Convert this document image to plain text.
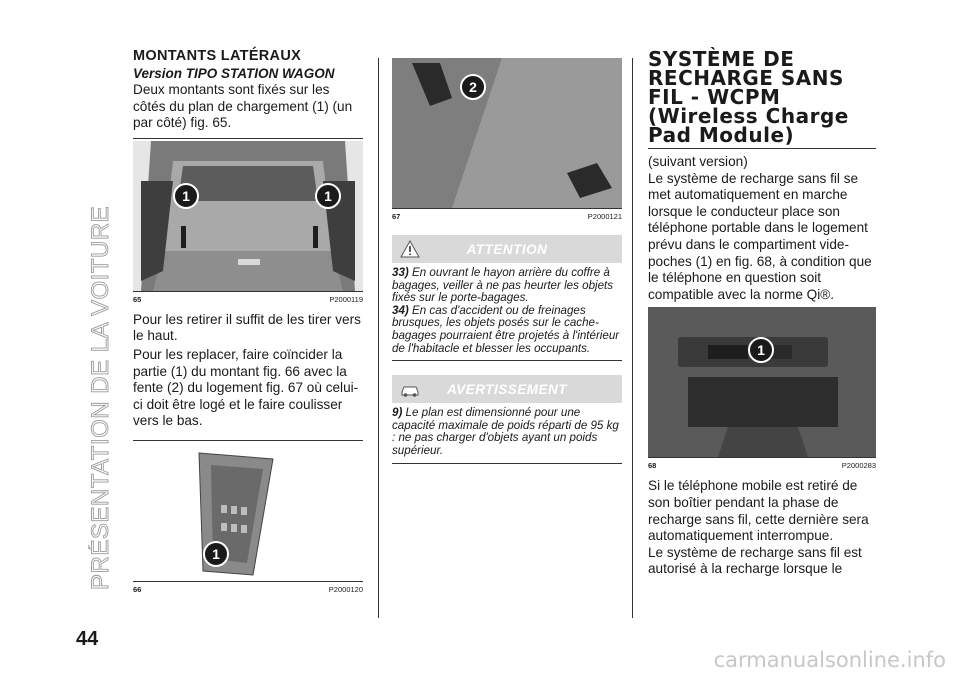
PRÉSENTATION DE LA VOITURE
44
MONTANTS LATÉRAUX
Version TIPO STATION WAGON

Deux montants sont fixés sur les côtés du plan de chargement (1) (un par côté) fig. 65.

1	1
65	P2000119

Pour les retirer il suffit de les tirer vers le haut.

Pour les replacer, faire coïncider la partie (1) du montant fig. 66 avec la fente (2) du logement fig. 67 où celui-ci doit être logé et le faire coulisser vers le bas.

1
66	P2000120
2
67	P2000121
ATTENTION

33) En ouvrant le hayon arrière du coffre à bagages, veiller à ne pas heurter les objets fixés sur le porte-bagages.

34) En cas d'accident ou de freinages brusques, les objets posés sur le cache-bagages pourraient être projetés à l'intérieur de l'habitacle et blesser les occupants.

AVERTISSEMENT

9) Le plan est dimensionné pour une capacité maximale de poids réparti de 95 kg : ne pas charger d'objets ayant un poids supérieur.

SYSTÈME DE
RECHARGE SANS
FIL - WCPM
(Wireless Charge
Pad Module)

(suivant version)

Le système de recharge sans fil se met automatiquement en marche lorsque le conducteur place son téléphone portable dans le logement prévu dans le compartiment vide-poches (1) en fig. 68, à condition que le téléphone en question soit compatible avec la norme Qi®.

1
68	P2000283

Si le téléphone mobile est retiré de son boîtier pendant la phase de recharge sans fil, cette dernière sera automatiquement interrompue.

Le système de recharge sans fil est autorisé à la recharge lorsque le

carmanualsonline.info
